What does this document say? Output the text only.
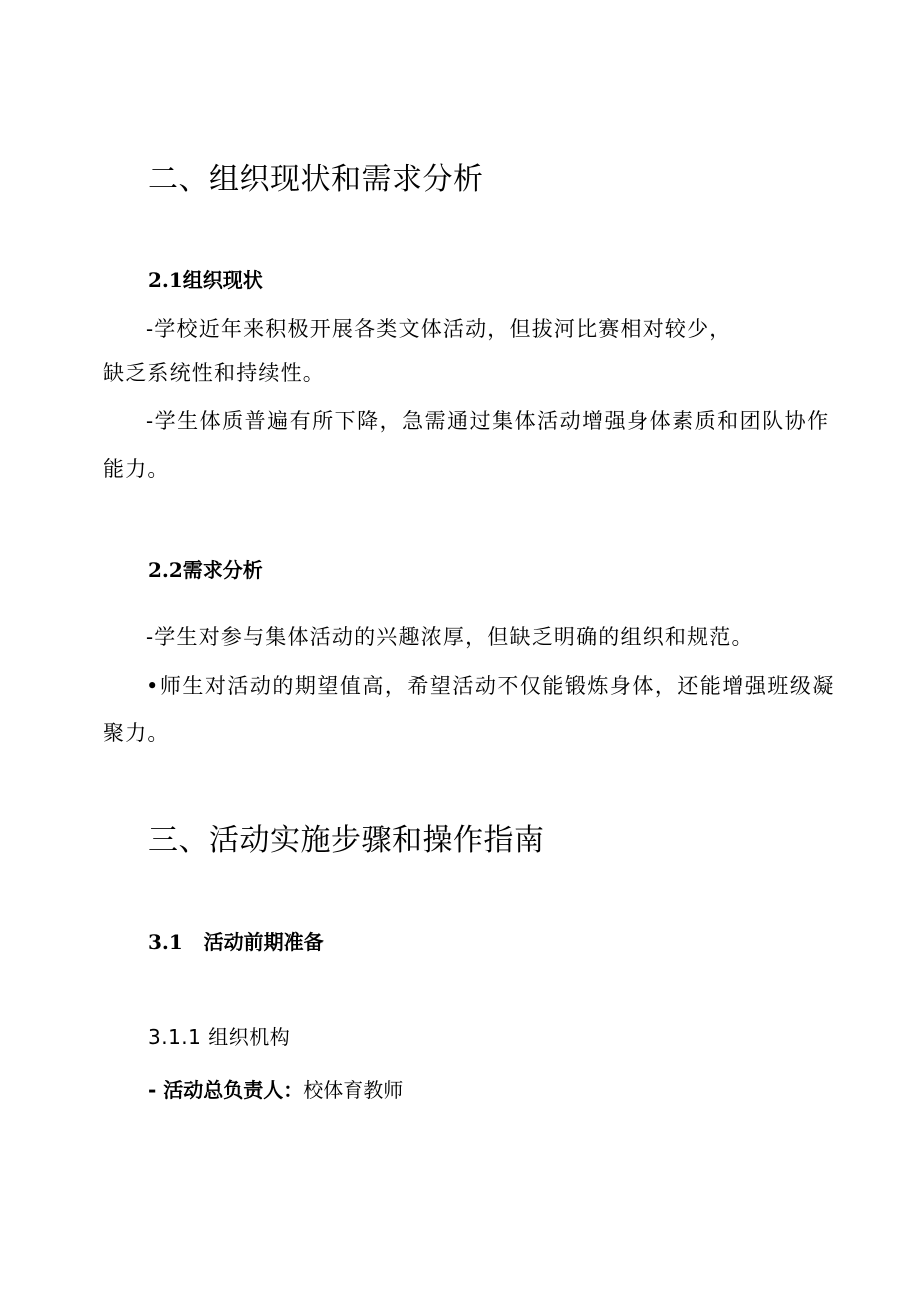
二、组织现状和需求分析
2.1组织现状
-学校近年来积极开展各类文体活动，但拔河比赛相对较少，
缺乏系统性和持续性。
-学生体质普遍有所下降，急需通过集体活动增强身体素质和团队协作
能力。
2.2需求分析
-学生对参与集体活动的兴趣浓厚，但缺乏明确的组织和规范。
•师生对活动的期望值高，希望活动不仅能锻炼身体，还能增强班级凝
聚力。
三、活动实施步骤和操作指南
3.1   活动前期准备
3.1.1 组织机构
- 活动总负责人：校体育教师
